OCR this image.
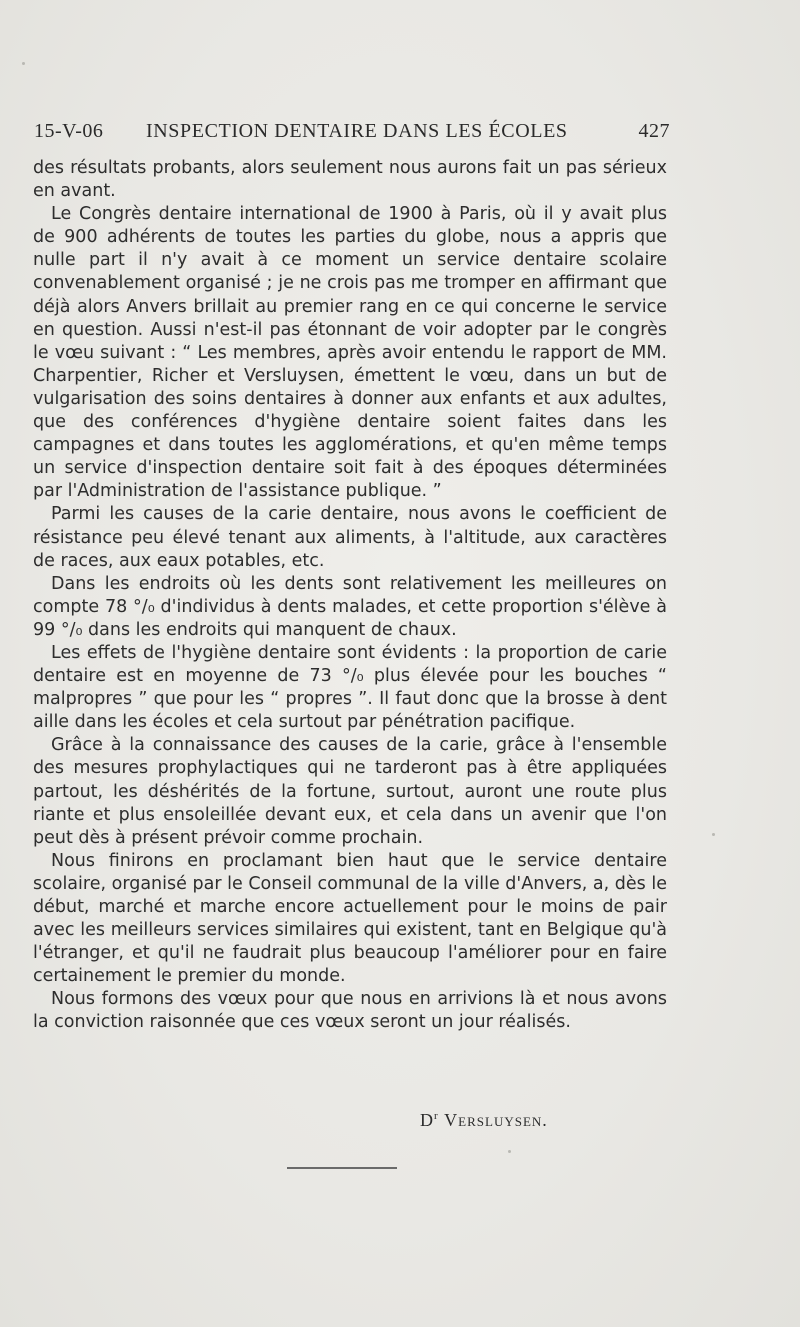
15-V-06 INSPECTION DENTAIRE DANS LES ÉCOLES	427

des résultats probants, alors seulement nous aurons fait un pas sérieux en avant.

Le Congrès dentaire international de 1900 à Paris, où il y avait plus de 900 adhérents de toutes les parties du globe, nous a appris que nulle part il n'y avait à ce moment un service dentaire scolaire convenablement organisé ; je ne crois pas me tromper en affirmant que déjà alors Anvers brillait au premier rang en ce qui concerne le service en question. Aussi n'est-il pas étonnant de voir adopter par le congrès le vœu suivant : “ Les membres, après avoir entendu le rapport de MM. Charpentier, Richer et Versluysen, émettent le vœu, dans un but de vulgarisation des soins dentaires à donner aux enfants et aux adultes, que des conférences d'hygiène dentaire soient faites dans les campagnes et dans toutes les agglomérations, et qu'en même temps un service d'inspection dentaire soit fait à des époques déterminées par l'Administration de l'assistance publique. ”

Parmi les causes de la carie dentaire, nous avons le coefficient de résistance peu élevé tenant aux aliments, à l'altitude, aux caractères de races, aux eaux potables, etc.

Dans les endroits où les dents sont relativement les meilleures on compte 78 °/₀ d'individus à dents malades, et cette proportion s'élève à 99 °/₀ dans les endroits qui manquent de chaux.

Les effets de l'hygiène dentaire sont évidents : la proportion de carie dentaire est en moyenne de 73 °/₀ plus élevée pour les bouches “ malpropres ” que pour les “ propres ”. Il faut donc que la brosse à dent aille dans les écoles et cela surtout par pénétration pacifique.

Grâce à la connaissance des causes de la carie, grâce à l'ensemble des mesures prophylactiques qui ne tarderont pas à être appliquées partout, les déshérités de la fortune, surtout, auront une route plus riante et plus ensoleillée devant eux, et cela dans un avenir que l'on peut dès à présent prévoir comme prochain.

Nous finirons en proclamant bien haut que le service dentaire scolaire, organisé par le Conseil communal de la ville d'Anvers, a, dès le début, marché et marche encore actuellement pour le moins de pair avec les meilleurs services similaires qui existent, tant en Belgique qu'à l'étranger, et qu'il ne faudrait plus beaucoup l'améliorer pour en faire certainement le premier du monde.

Nous formons des vœux pour que nous en arrivions là et nous avons la conviction raisonnée que ces vœux seront un jour réalisés.

$D^r$ Versluysen.
